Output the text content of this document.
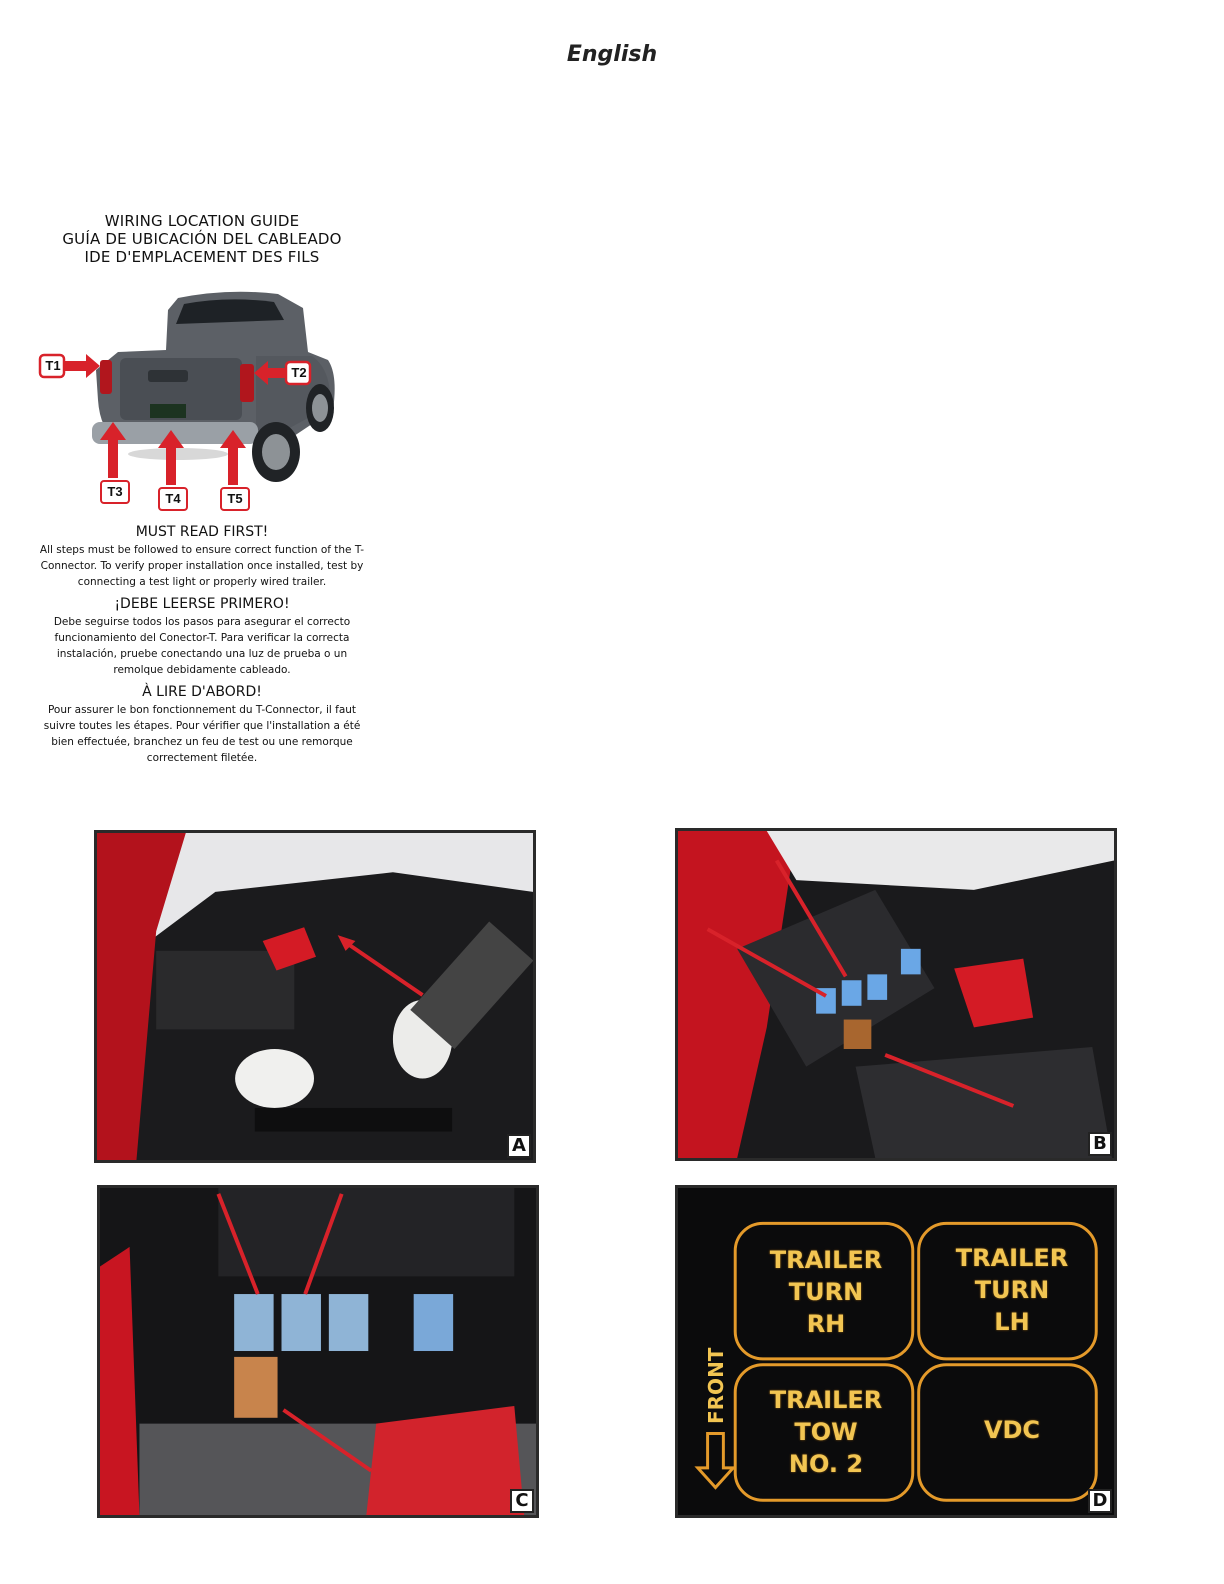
English
WIRING LOCATION GUIDE
GUÍA DE UBICACIÓN DEL CABLEADO
IDE D'EMPLACEMENT DES FILS
T1	T2
T3	T4	T5
MUST READ FIRST!
All steps must be followed to ensure correct function of the T-Connector. To verify proper installation once installed, test by connecting a test light or properly wired trailer.
¡DEBE LEERSE PRIMERO!
Debe seguirse todos los pasos para asegurar el correcto funcionamiento del Conector-T. Para verificar la correcta instalación, pruebe conectando una luz de prueba o un remolque debidamente cableado.
À LIRE D'ABORD!
Pour assurer le bon fonctionnement du T-Connector, il faut suivre toutes les étapes. Pour vérifier que l'installation a été bien effectuée, branchez un feu de test ou une remorque correctement filetée.
A	B
C
TRAILER
TURN
RH
TRAILER
TURN
LH
TRAILER
TOW
NO. 2
VDC
FRONT
D
